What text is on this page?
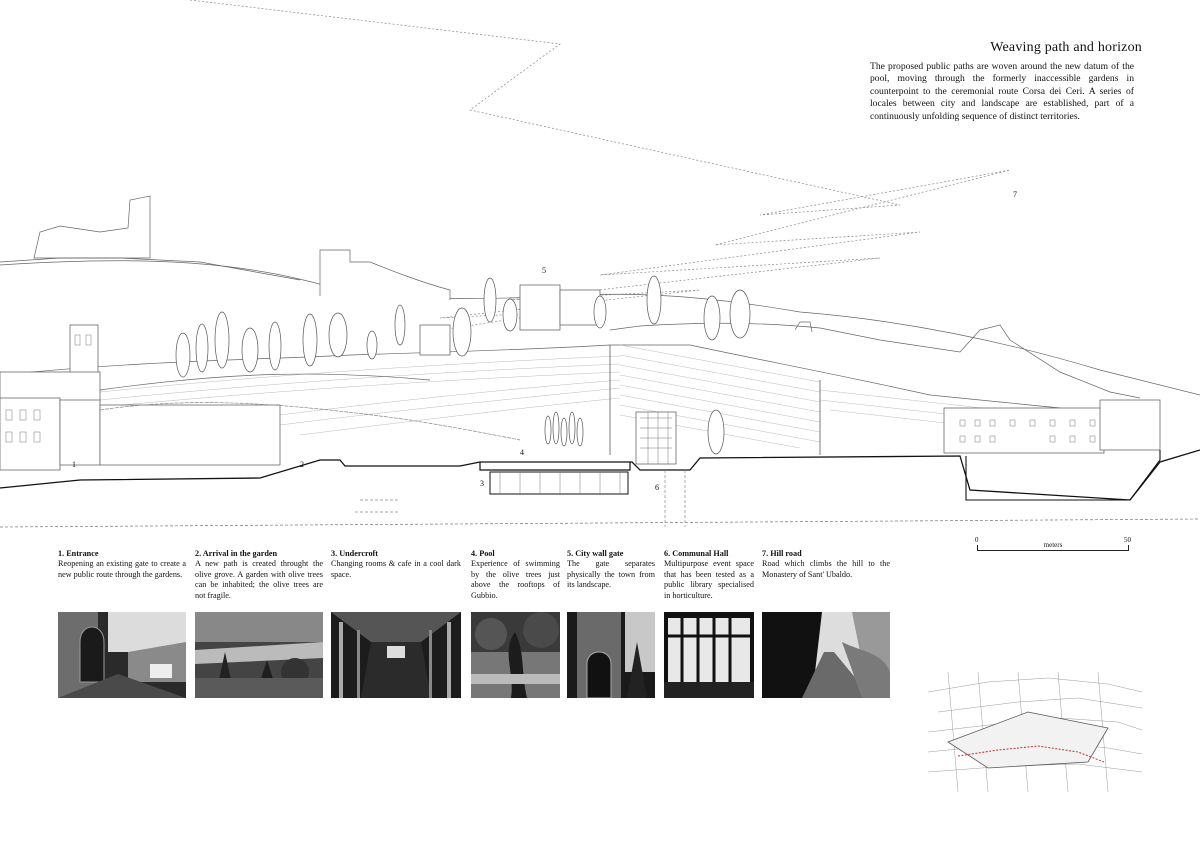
Weaving path and horizon
The proposed public paths are woven around the new datum of the pool, moving through the formerly inaccessible gardens in counterpoint to the ceremonial route Corsa dei Ceri. A series of locales between city and landscape are established, part of a continuously unfolding sequence of distinct territories.
1	2
3
4
5
6
7
0	50
meters
1. Entrance
Reopening an existing gate to create a new public route through the gardens.
2. Arrival in the garden
A new path is created throught the olive grove. A garden with olive trees can be inhabited; the olive trees are not fragile.
3. Undercroft
Changing rooms & cafe in a cool dark space.
4. Pool
Experience of swimming by the olive trees just above the rooftops of Gubbio.
5. City wall gate
The gate separates physically the town from its landscape.
6. Communal Hall
Multipurpose event space that has been tested as a public library specialised in horticulture.
7. Hill road
Road which climbs the hill to the Monastery of Sant' Ubaldo.
